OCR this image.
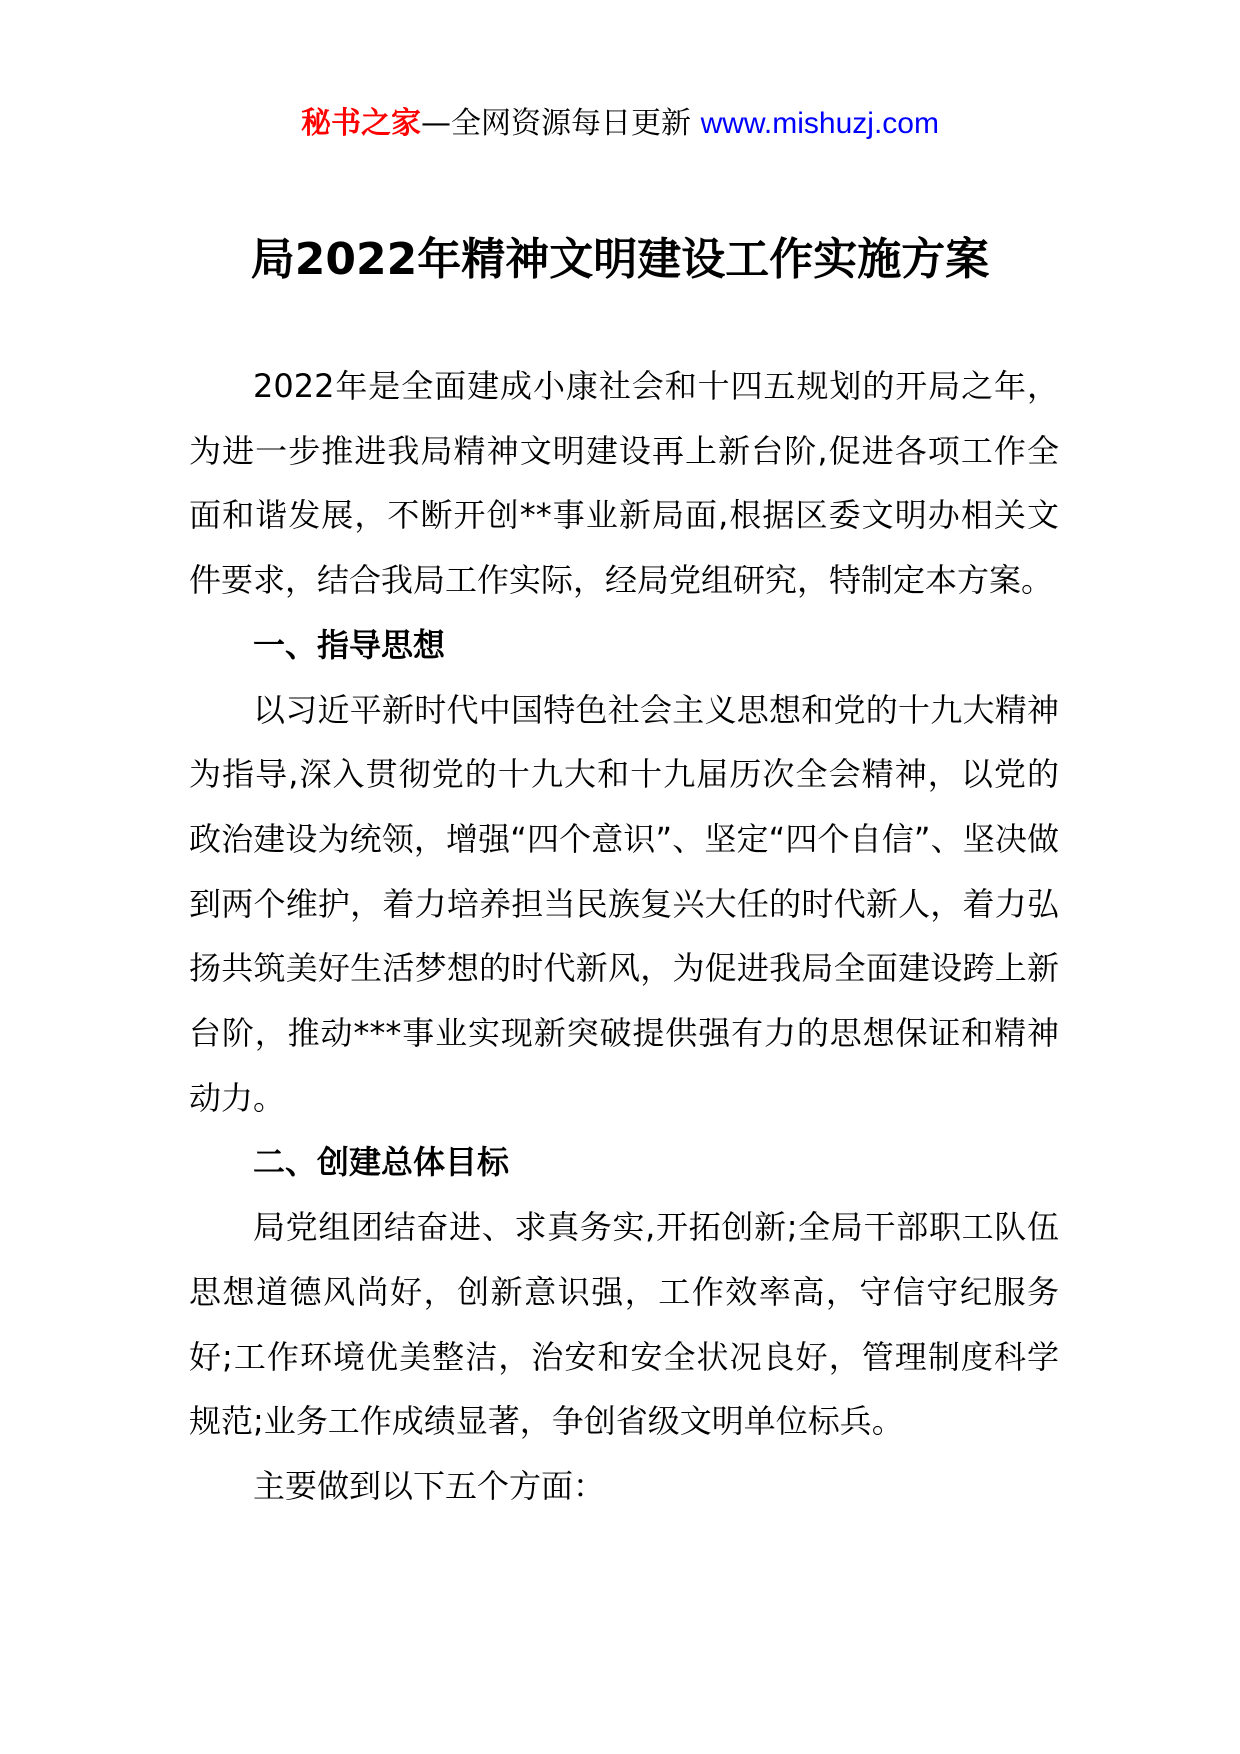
秘书之家—全网资源每日更新 www.mishuzj.com
局2022年精神文明建设工作实施方案

2022年是全面建成小康社会和十四五规划的开局之年，为进一步推进我局精神文明建设再上新台阶,促进各项工作全面和谐发展，不断开创**事业新局面,根据区委文明办相关文件要求，结合我局工作实际，经局党组研究，特制定本方案。

一、指导思想

以习近平新时代中国特色社会主义思想和党的十九大精神为指导,深入贯彻党的十九大和十九届历次全会精神，以党的政治建设为统领，增强“四个意识”、坚定“四个自信”、坚决做到两个维护，着力培养担当民族复兴大任的时代新人，着力弘扬共筑美好生活梦想的时代新风，为促进我局全面建设跨上新台阶，推动***事业实现新突破提供强有力的思想保证和精神动力。

二、创建总体目标

局党组团结奋进、求真务实,开拓创新;全局干部职工队伍思想道德风尚好，创新意识强，工作效率高，守信守纪服务好;工作环境优美整洁，治安和安全状况良好，管理制度科学规范;业务工作成绩显著，争创省级文明单位标兵。

主要做到以下五个方面：
